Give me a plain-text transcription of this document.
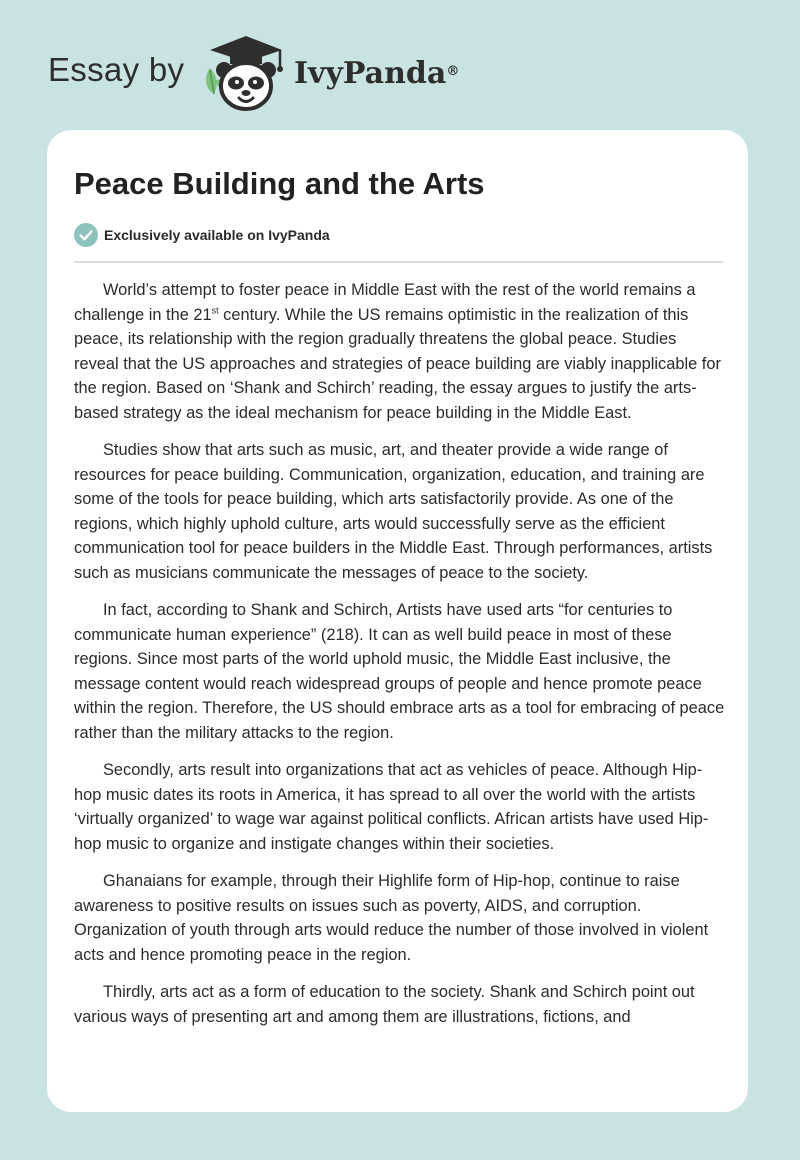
Essay by	IvyPanda®
Peace Building and the Arts
Exclusively available on IvyPanda

World’s attempt to foster peace in Middle East with the rest of the world remains a challenge in the 21st century. While the US remains optimistic in the realization of this peace, its relationship with the region gradually threatens the global peace. Studies reveal that the US approaches and strategies of peace building are viably inapplicable for the region. Based on ‘Shank and Schirch’ reading, the essay argues to justify the arts-based strategy as the ideal mechanism for peace building in the Middle East.

Studies show that arts such as music, art, and theater provide a wide range of resources for peace building. Communication, organization, education, and training are some of the tools for peace building, which arts satisfactorily provide. As one of the regions, which highly uphold culture, arts would successfully serve as the efficient communication tool for peace builders in the Middle East. Through performances, artists such as musicians communicate the messages of peace to the society.

In fact, according to Shank and Schirch, Artists have used arts “for centuries to communicate human experience” (218). It can as well build peace in most of these regions. Since most parts of the world uphold music, the Middle East inclusive, the message content would reach widespread groups of people and hence promote peace within the region. Therefore, the US should embrace arts as a tool for embracing of peace rather than the military attacks to the region.

Secondly, arts result into organizations that act as vehicles of peace. Although Hip-hop music dates its roots in America, it has spread to all over the world with the artists ‘virtually organized’ to wage war against political conflicts. African artists have used Hip-hop music to organize and instigate changes within their societies.

Ghanaians for example, through their Highlife form of Hip-hop, continue to raise awareness to positive results on issues such as poverty, AIDS, and corruption. Organization of youth through arts would reduce the number of those involved in violent acts and hence promoting peace in the region.

Thirdly, arts act as a form of education to the society. Shank and Schirch point out various ways of presenting art and among them are illustrations, fictions, and
